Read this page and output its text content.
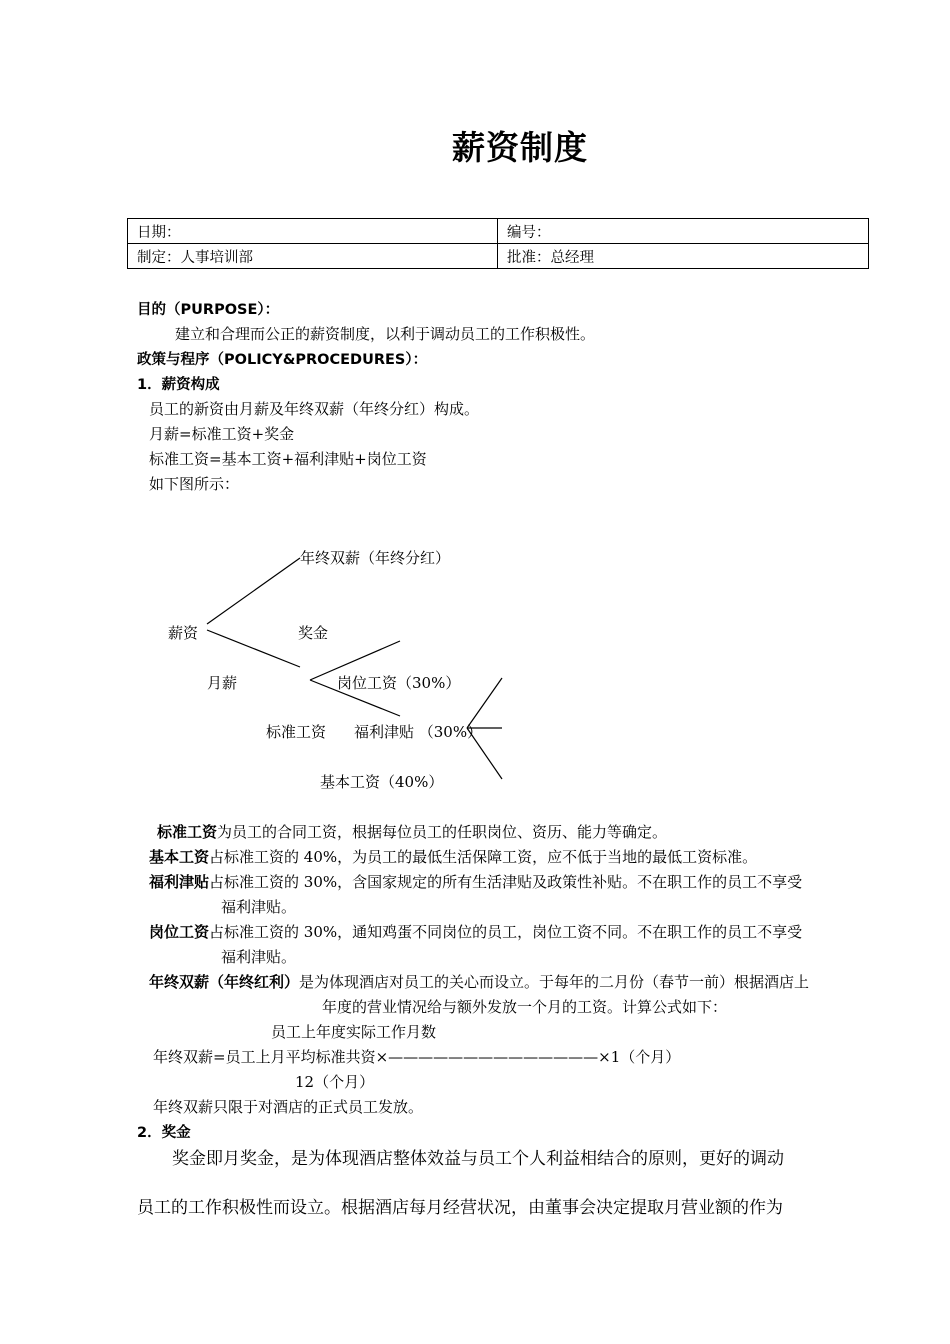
薪资制度
日期：	编号：
制定：人事培训部	批准：总经理
目的（PURPOSE）：
建立和合理而公正的薪资制度，以利于调动员工的工作积极性。
政策与程序（POLICY&PROCEDURES）：
1．薪资构成
员工的新资由月薪及年终双薪（年终分红）构成。
月薪=标准工资+奖金
标准工资=基本工资+福利津贴+岗位工资
如下图所示：
年终双薪（年终分红）
薪资	奖金
月薪	岗位工资（30%）
标准工资 福利津贴 （30%）
基本工资（40%）
标准工资为员工的合同工资，根据每位员工的任职岗位、资历、能力等确定。
基本工资占标准工资的 40%，为员工的最低生活保障工资，应不低于当地的最低工资标准。
福利津贴占标准工资的 30%，含国家规定的所有生活津贴及政策性补贴。不在职工作的员工不享受
福利津贴。
岗位工资占标准工资的 30%，通知鸡蛋不同岗位的员工，岗位工资不同。不在职工作的员工不享受
福利津贴。
年终双薪（年终红利）是为体现酒店对员工的关心而设立。于每年的二月份（春节一前）根据酒店上
年度的营业情况给与额外发放一个月的工资。计算公式如下：
员工上年度实际工作月数
年终双薪=员工上月平均标准共资×——————————————×1（个月）
12（个月）
年终双薪只限于对酒店的正式员工发放。
2．奖金
奖金即月奖金，是为体现酒店整体效益与员工个人利益相结合的原则，更好的调动
员工的工作积极性而设立。根据酒店每月经营状况，由董事会决定提取月营业额的作为
